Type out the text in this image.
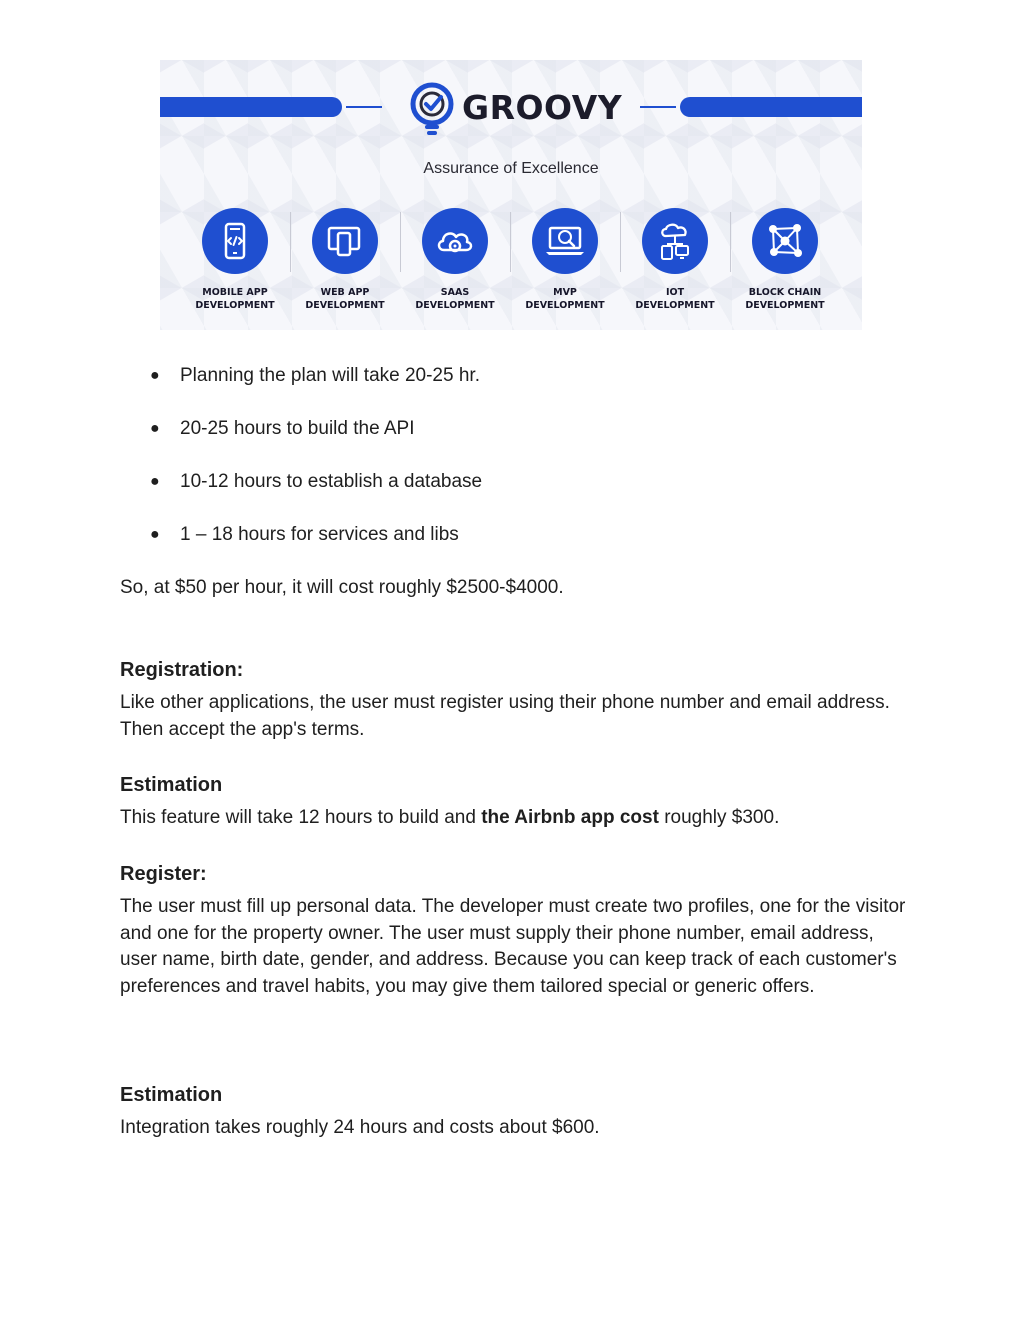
GROOVY
Assurance of Excellence
MOBILE APP
DEVELOPMENT
WEB APP
DEVELOPMENT
SAAS
DEVELOPMENT
MVP
DEVELOPMENT
IOT
DEVELOPMENT
BLOCK CHAIN
DEVELOPMENT
● Planning the plan will take 20-25 hr.
● 20-25 hours to build the API
● 10-12 hours to establish a database
● 1 – 18 hours for services and libs
So, at $50 per hour, it will cost roughly $2500-$4000.
Registration:
Like other applications, the user must register using their phone number and email address. Then accept the app's terms.
Estimation
This feature will take 12 hours to build and the Airbnb app cost roughly $300.
Register:
The user must fill up personal data. The developer must create two profiles, one for the visitor and one for the property owner. The user must supply their phone number, email address, user name, birth date, gender, and address. Because you can keep track of each customer's preferences and travel habits, you may give them tailored special or generic offers.
Estimation
Integration takes roughly 24 hours and costs about $600.
